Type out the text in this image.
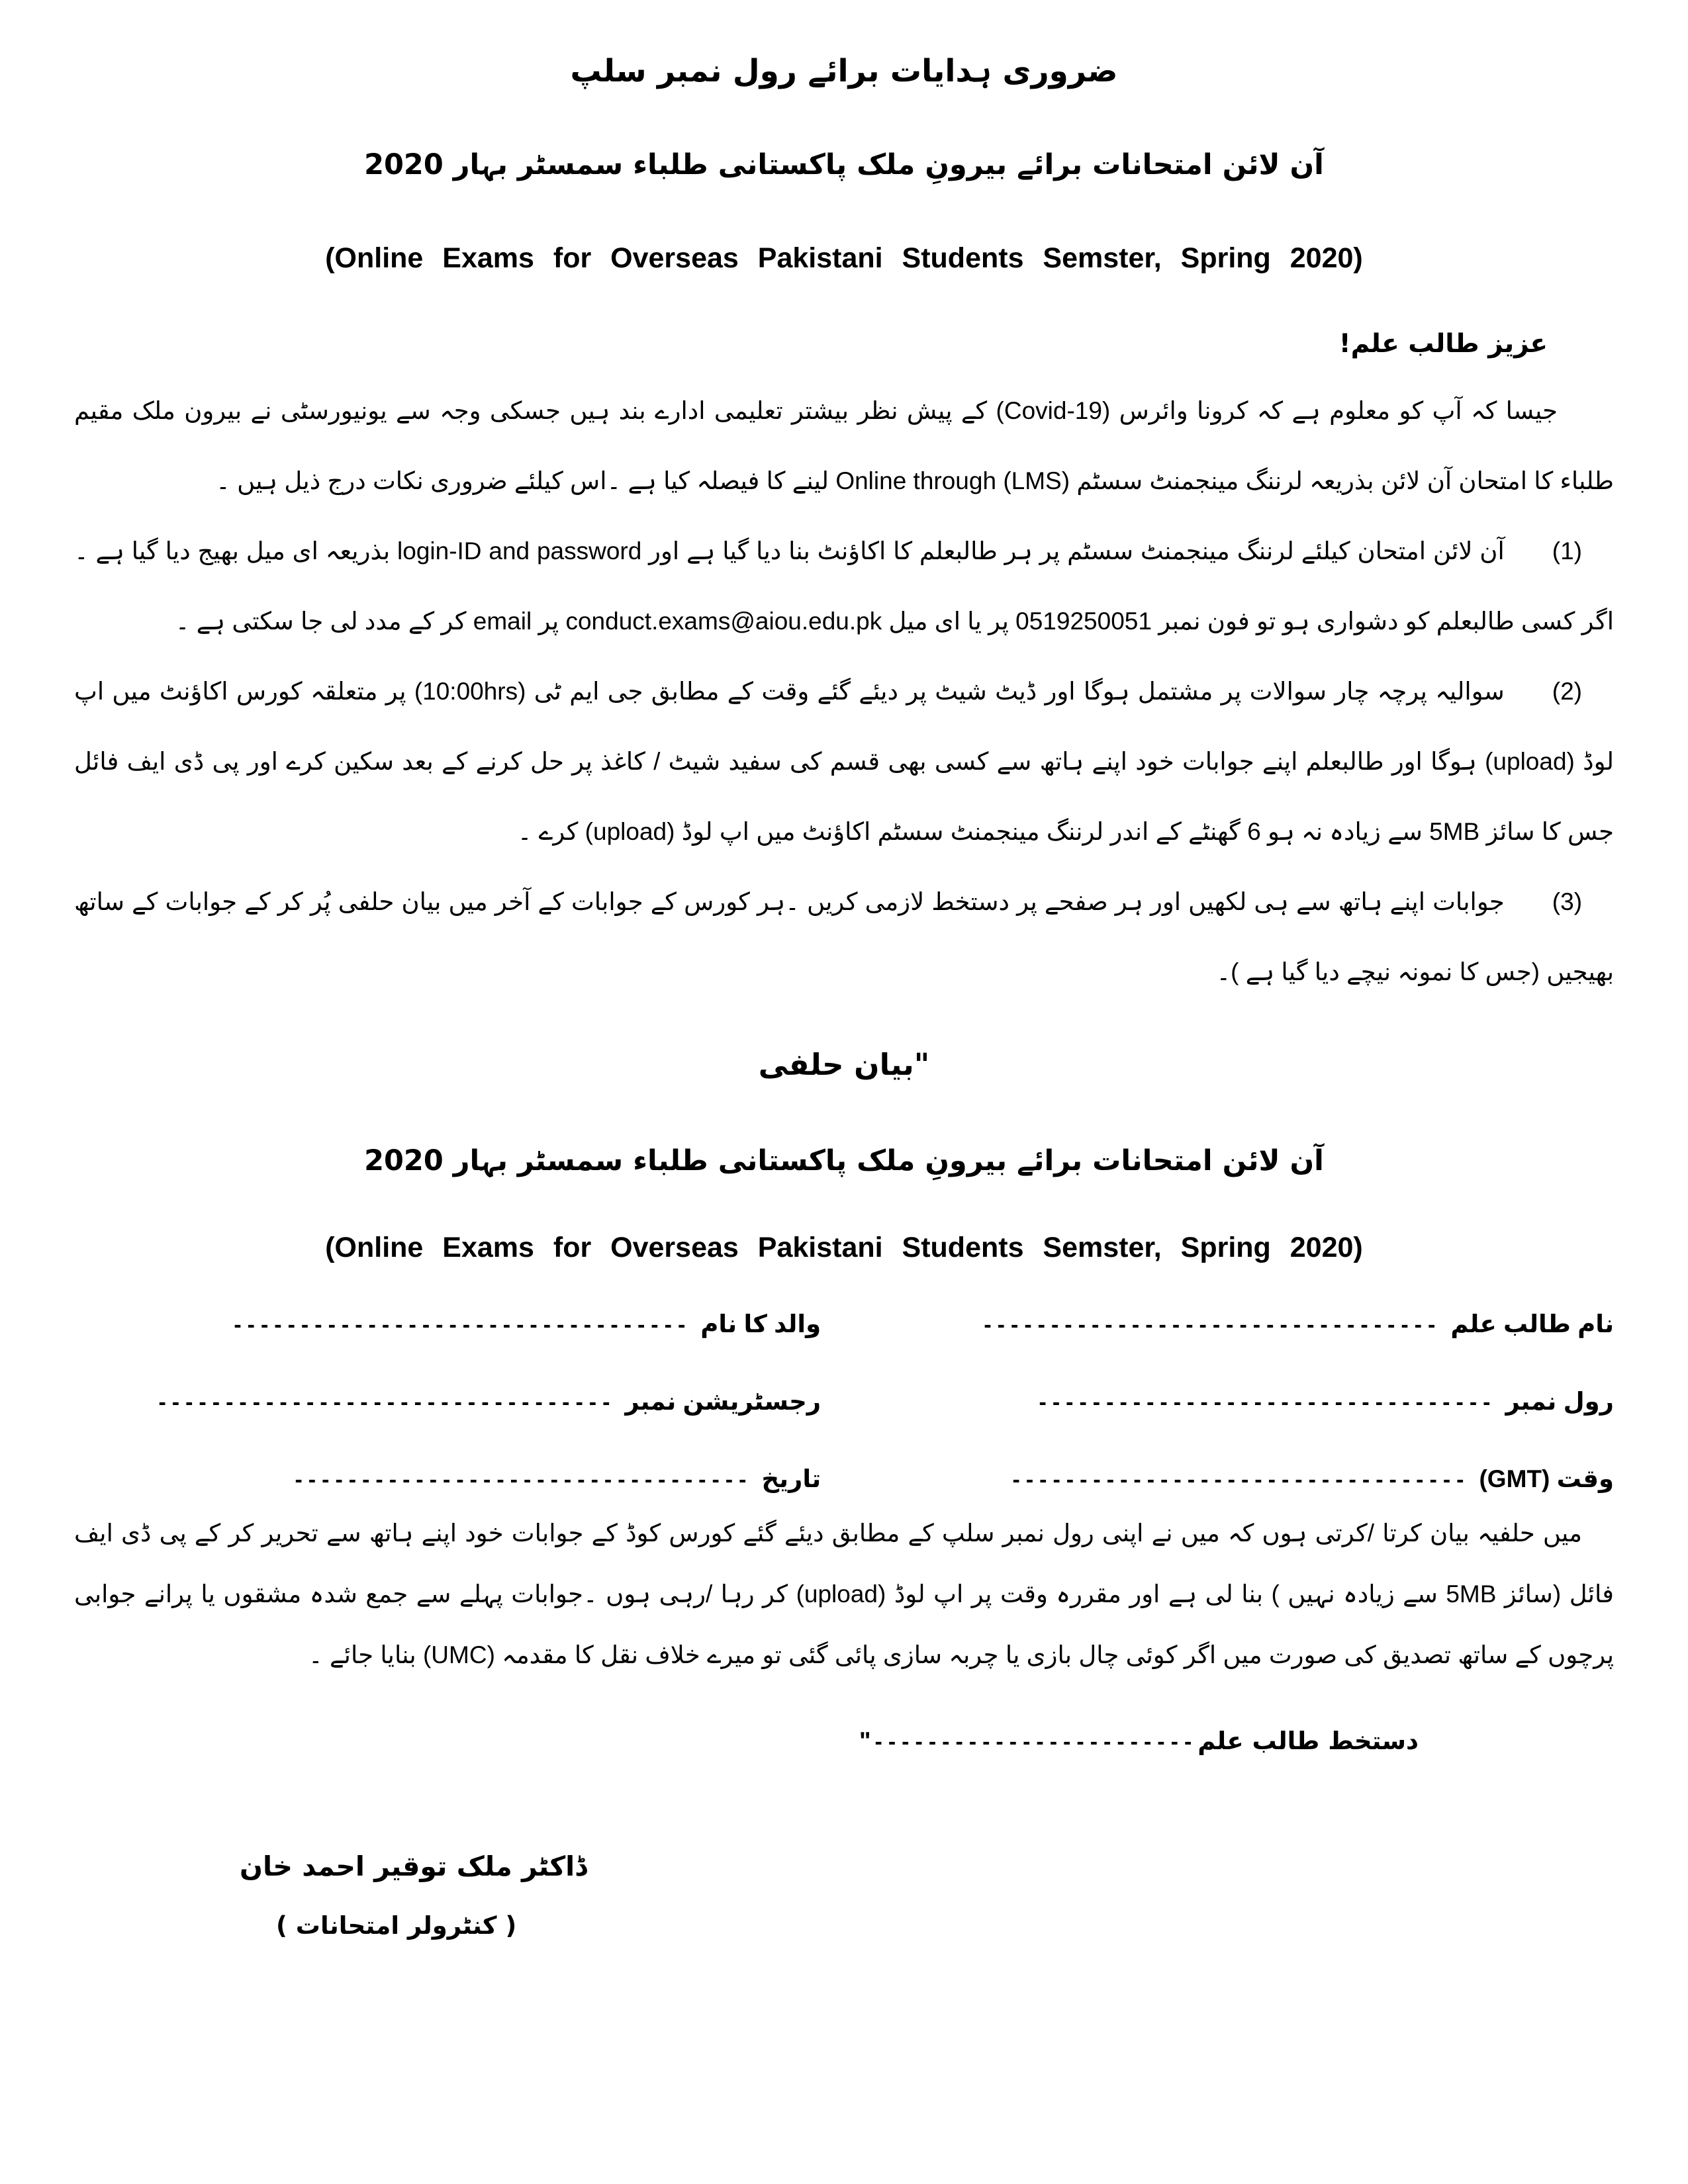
ضروری ہدایات برائے رول نمبر سلپ
آن لائن امتحانات برائے بیرونِ ملک پاکستانی طلباء سمسٹر بہار 2020
(Online Exams for Overseas Pakistani Students Semster, Spring 2020)
عزیز طالب علم!

جیسا کہ آپ کو معلوم ہے کہ کرونا وائرس (Covid-19) کے پیش نظر بیشتر تعلیمی ادارے بند ہیں جسکی وجہ سے یونیورسٹی نے بیرون ملک مقیم طلباء کا امتحان آن لائن بذریعہ لرننگ مینجمنٹ سسٹم Online through (LMS) لینے کا فیصلہ کیا ہے ۔اس کیلئے ضروری نکات درج ذیل ہیں ۔

(1)آن لائن امتحان کیلئے لرننگ مینجمنٹ سسٹم پر ہر طالبعلم کا اکاؤنٹ بنا دیا گیا ہے اور login-ID and password بذریعہ ای میل بھیج دیا گیا ہے ۔اگر کسی طالبعلم کو دشواری ہو تو فون نمبر 0519250051 پر یا ای میل conduct.exams@aiou.edu.pk پر email کر کے مدد لی جا سکتی ہے ۔

(2)سوالیہ پرچہ چار سوالات پر مشتمل ہوگا اور ڈیٹ شیٹ پر دیئے گئے وقت کے مطابق جی ایم ٹی (10:00hrs) پر متعلقہ کورس اکاؤنٹ میں اپ لوڈ (upload) ہوگا اور طالبعلم اپنے جوابات خود اپنے ہاتھ سے کسی بھی قسم کی سفید شیٹ / کاغذ پر حل کرنے کے بعد سکین کرے اور پی ڈی ایف فائل جس کا سائز 5MB سے زیادہ نہ ہو 6 گھنٹے کے اندر لرننگ مینجمنٹ سسٹم اکاؤنٹ میں اپ لوڈ (upload) کرے ۔

(3)جوابات اپنے ہاتھ سے ہی لکھیں اور ہر صفحے پر دستخط لازمی کریں ۔ہر کورس کے جوابات کے آخر میں بیان حلفی پُر کر کے جوابات کے ساتھ بھیجیں (جس کا نمونہ نیچے دیا گیا ہے )۔

"بیان حلفی
آن لائن امتحانات برائے بیرونِ ملک پاکستانی طلباء سمسٹر بہار 2020
(Online Exams for Overseas Pakistani Students Semster, Spring 2020)
نام طالب علم
----------------------------------
والد کا نام
----------------------------------
رول نمبر
----------------------------------
رجسٹریشن نمبر
----------------------------------
وقت (GMT)
----------------------------------
تاریخ
----------------------------------

میں حلفیہ بیان کرتا /کرتی ہوں کہ میں نے اپنی رول نمبر سلپ کے مطابق دیئے گئے کورس کوڈ کے جوابات خود اپنے ہاتھ سے تحریر کر کے پی ڈی ایف فائل (سائز 5MB سے زیادہ نہیں ) بنا لی ہے اور مقررہ وقت پر اپ لوڈ (upload) کر رہا /رہی ہوں ۔جوابات پہلے سے جمع شدہ مشقوں یا پرانے جوابی پرچوں کے ساتھ تصدیق کی صورت میں اگر کوئی چال بازی یا چربہ سازی پائی گئی تو میرے خلاف نقل کا مقدمہ (UMC) بنایا جائے ۔

دستخط طالب علم
------------------------
"
ڈاکٹر ملک توقیر احمد خان
( کنٹرولر امتحانات )
